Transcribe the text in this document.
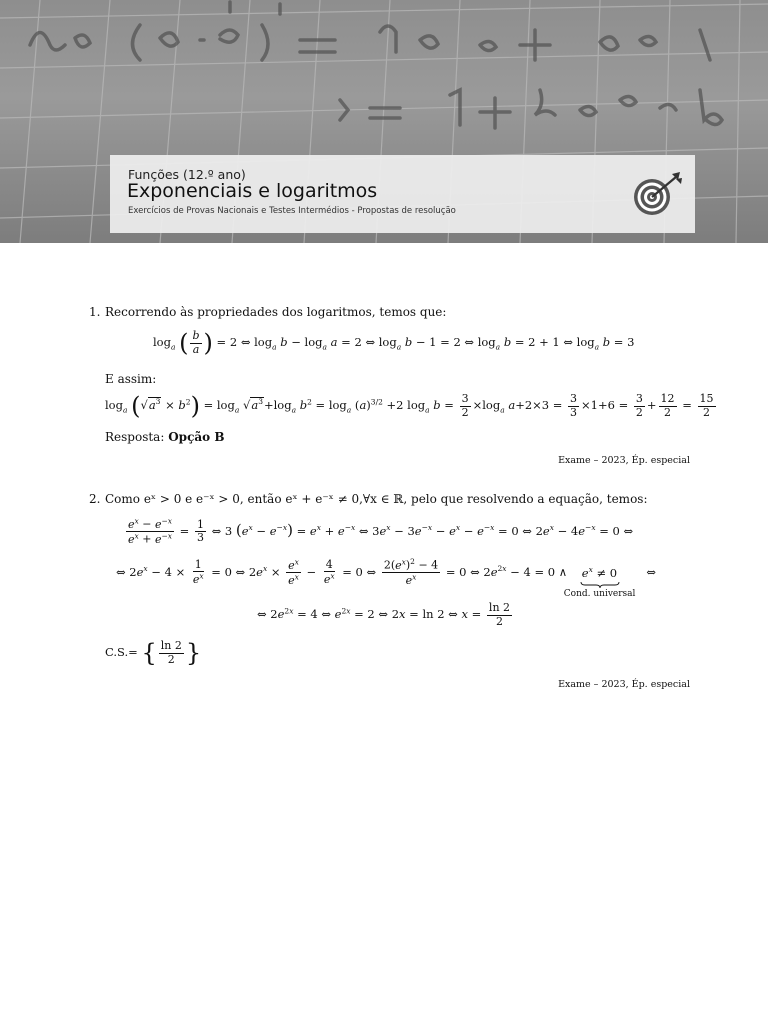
Funções (12.º ano)
Exponenciais e logaritmos
Exercícios de Provas Nacionais e Testes Intermédios - Propostas de resolução
1. Recorrendo às propriedades dos logaritmos, temos que:
$\log_a$ ( $\frac{b}{a}$ ) = 2 ⇔ $\log_a b - \log_a a = 2$ ⇔ $\log_a b - 1 = 2$ ⇔ $\log_a b = 2 + 1$ ⇔ $\log_a b = 3$
E assim:
$\log_a (√a^3 \times b^2) = \log_a √a^3+\log_a$ $b^2 = \log_a (a)^{3/2} +2$ $\log_a b = \frac{3}{2} \times\log_a$ $a+2\times 3 = \frac{3}{3} \times 1+6 = \frac{3}{2} + \frac{12}{2} = \frac{15}{2}$
Resposta: Opção B
Exame – 2023, Ép. especial
2. Como eˣ > 0 e e⁻ˣ > 0, então eˣ + e⁻ˣ ≠ 0,∀x ∈ ℝ, pelo que resolvendo a equação, temos:
$\frac{e^x - e^{-x}}{e^x + e^{-x}} = \frac{1}{3}$ ⇔ 3 $(e^x - e^{-x}) = e^x + e^{-x}$ ⇔ $3e^x - 3e^{-x} - e^x - e^{-x} = 0$ ⇔ $2e^x - 4e^{-x} = 0$ ⇔
⇔ $2e^x - 4 \times \frac{1}{e^x} = 0$ ⇔ $2e^x \times \frac{e^x}{e^x} - \frac{4}{e^x} = 0$ ⇔ $\frac{2(e^x)^2 - 4}{e^x} = 0$ ⇔ $2e^{2x} - 4 = 0$ ∧    $e^x \ne 0$
Cond. universal
⇔
⇔ $2e^{2x} = 4$ ⇔ $e^{2x} = 2$ ⇔ 2x = ln 2 ⇔ $x = \frac{\ln 2}{2}$
C.S.= { $\frac{\ln 2}{2}$ }
Exame – 2023, Ép. especial
